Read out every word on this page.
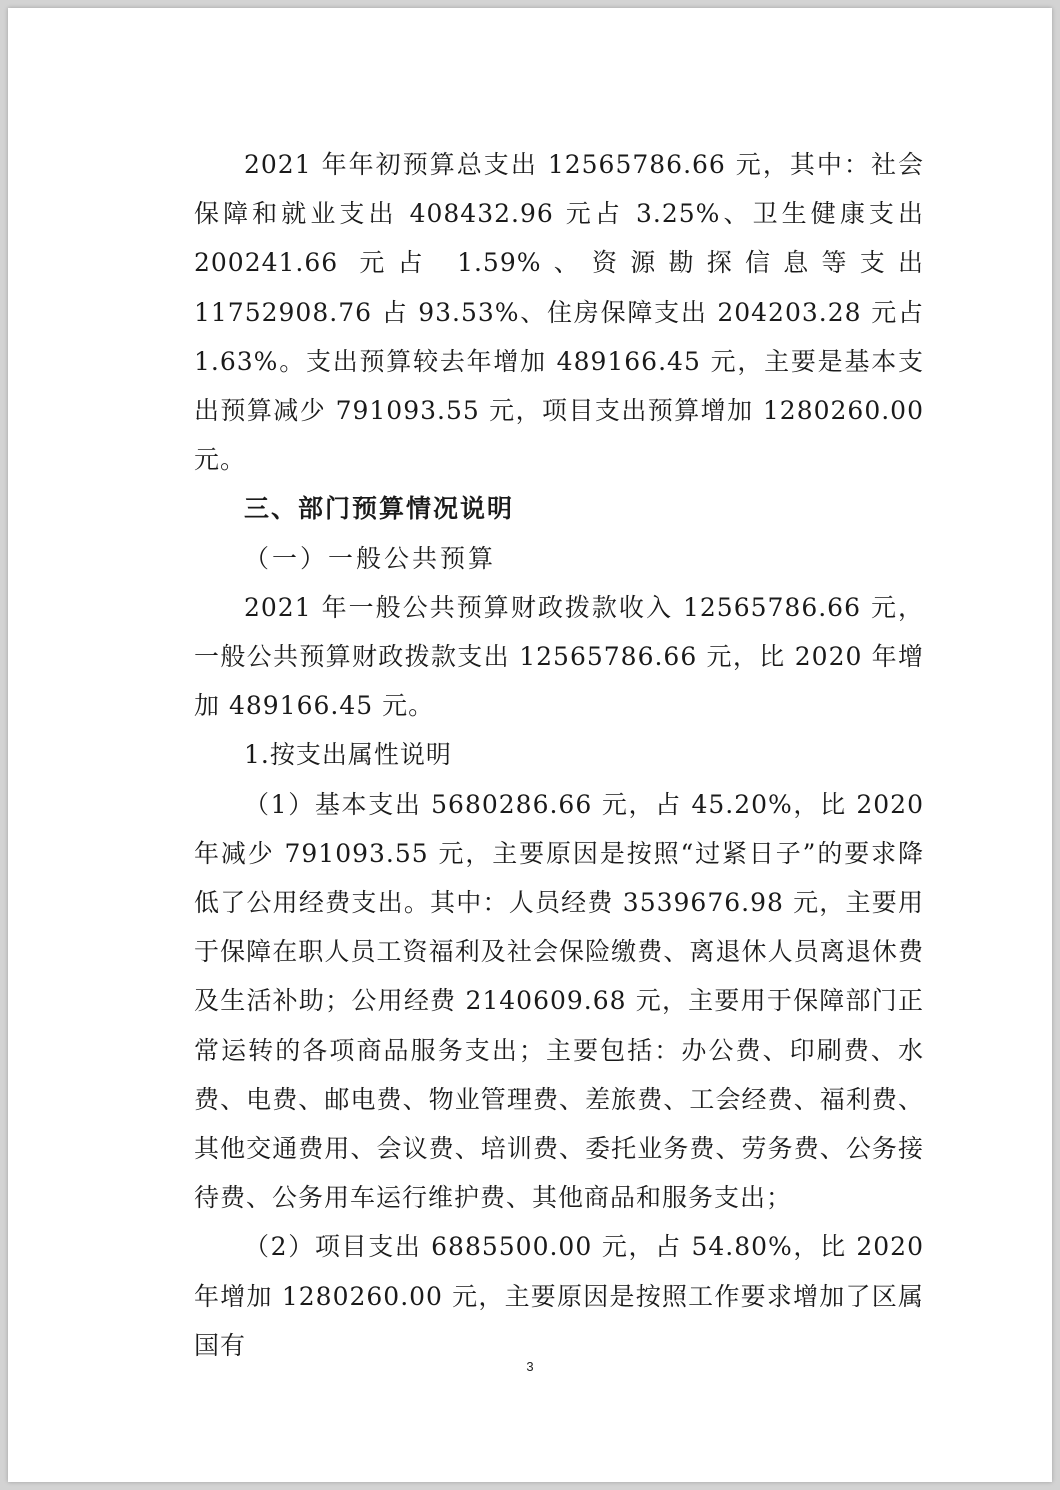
2021 年年初预算总支出 12565786.66 元，其中：社会保障和就业支出 408432.96 元占 3.25%、卫生健康支出 200241.66 元占 1.59%、资源勘探信息等支出 11752908.76 占 93.53%、住房保障支出 204203.28 元占 1.63%。支出预算较去年增加 489166.45 元，主要是基本支出预算减少 791093.55 元，项目支出预算增加 1280260.00 元。

三、部门预算情况说明

（一）一般公共预算

2021 年一般公共预算财政拨款收入 12565786.66 元，一般公共预算财政拨款支出 12565786.66 元，比 2020 年增加 489166.45 元。

1.按支出属性说明

（1）基本支出 5680286.66 元，占 45.20%，比 2020 年减少 791093.55 元，主要原因是按照“过紧日子”的要求降低了公用经费支出。其中：人员经费 3539676.98 元，主要用于保障在职人员工资福利及社会保险缴费、离退休人员离退休费及生活补助；公用经费 2140609.68 元，主要用于保障部门正常运转的各项商品服务支出；主要包括：办公费、印刷费、水费、电费、邮电费、物业管理费、差旅费、工会经费、福利费、其他交通费用、会议费、培训费、委托业务费、劳务费、公务接待费、公务用车运行维护费、其他商品和服务支出；

（2）项目支出 6885500.00 元，占 54.80%，比 2020 年增加 1280260.00 元，主要原因是按照工作要求增加了区属国有

3
